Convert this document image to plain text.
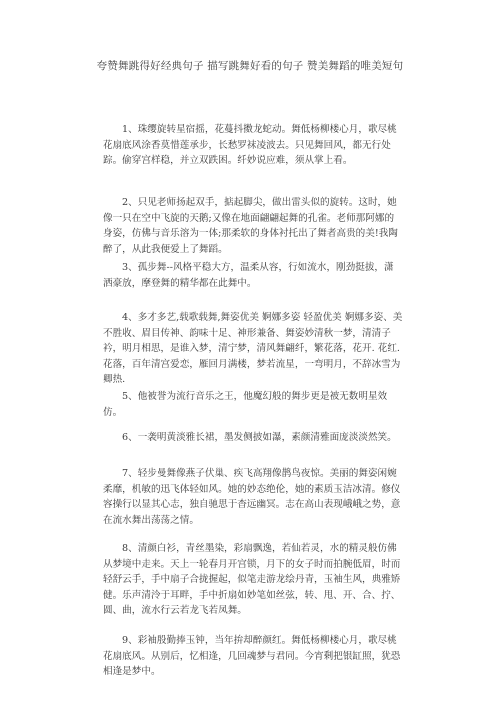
夸赞舞跳得好经典句子 描写跳舞好看的句子 赞美舞蹈的唯美短句

1、珠缨旋转星宿摇，花蔓抖擞龙蛇动。舞低杨柳楼心月，歌尽桃花扇底风涂香莫惜莲承步，长愁罗袜凌波去。只见舞回风，都无行处踪。偷穿宫样稳，并立双跌困。纤妙说应难，须从掌上看。

2、只见老师扬起双手，掂起脚尖，做出雷头似的旋转。这时，她像一只在空中飞旋的天鹅;又像在地面翩翩起舞的孔雀。老师那阿娜的身姿，仿佛与音乐溶为一体;那柔软的身体衬托出了舞者高贵的美!我陶醉了，从此我便爱上了舞蹈。

3、孤步舞--风格平稳大方，温柔从容，行如流水，刚劲挺拔，潇洒豪放，摩登舞的精华都在此舞中。

4、多才多艺,载歌载舞,舞姿优美 婀娜多姿 轻盈优美 婀娜多姿、美不胜收、眉目传神、韵味十足、神形兼备、舞姿妙清秋一梦，清清子衿，明月相思，是谁入梦，清宁梦，清风舞翩纤，繁花落，花开. 花红. 花落，百年清宫爱恋，雁回月满楼，梦若流星，一弯明月，不辞冰雪为卿热.

5、他被誉为流行音乐之王，他魔幻般的舞步更是被无数明星效仿。

6、一袭明黄淡雅长裙，墨发侧披如瀑，素颜清雅面庞淡淡然笑。

7、轻步曼舞像燕子伏巢、疾飞高翔像鹊鸟夜惊。美丽的舞姿闲婉柔靡，机敏的迅飞体轻如风。她的妙态绝伦，她的素质玉洁冰清。修仪容操行以显其心志，独自驰思于杳远幽冥。志在高山表现峨峨之势，意在流水舞出荡荡之情。

8、清颜白衫，青丝墨染，彩扇飘逸，若仙若灵，水的精灵般仿佛从梦境中走来。天上一轮春月开宫锁，月下的女子时而拍腕低眉，时而轻舒云手，手中扇子合拢握起，似笔走游龙绘丹青，玉袖生风，典雅矫健。乐声清泠于耳畔，手中折扇如妙笔如丝弦，转、甩、开、合、拧、圆、曲，流水行云若龙飞若凤舞。

9、彩袖殷勤捧玉钟，当年拚却醉颜红。舞低杨柳楼心月，歌尽桃花扇底风。从别后，忆相逢，几回魂梦与君同。今宵剩把银缸照，犹恐相逢是梦中。
